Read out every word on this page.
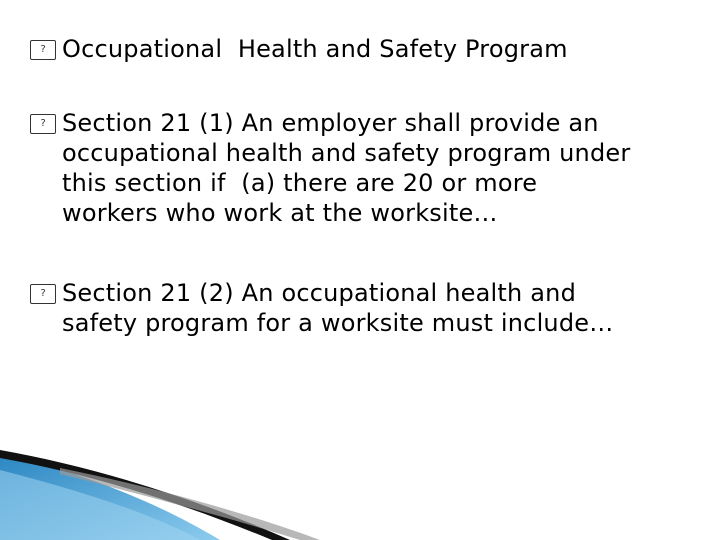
? Occupational  Health and Safety Program
? Section 21 (1) An employer shall provide an
occupational health and safety program under
this section if  (a) there are 20 or more
workers who work at the worksite…
? Section 21 (2) An occupational health and
safety program for a worksite must include…
